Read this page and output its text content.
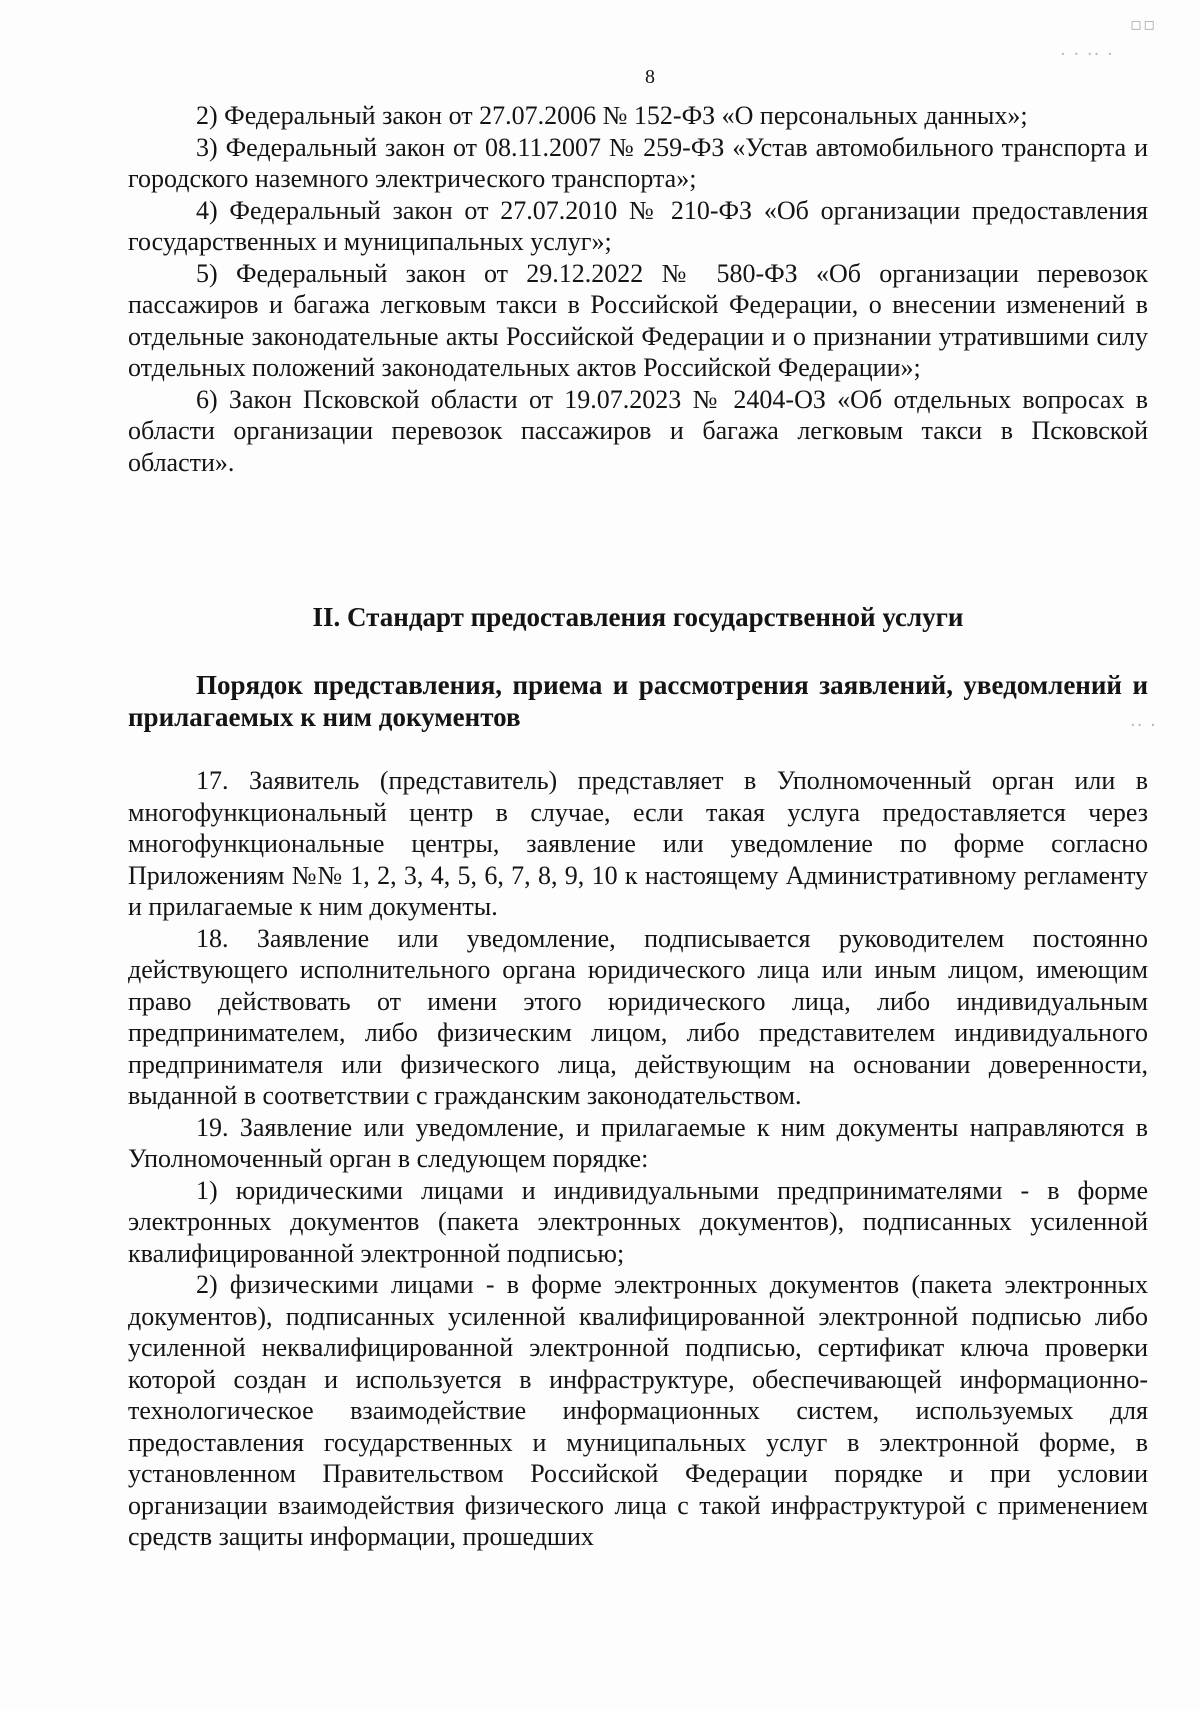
8

2) Федеральный закон от 27.07.2006 № 152-ФЗ «О персональных данных»;

3) Федеральный закон от 08.11.2007 № 259-ФЗ «Устав автомобильного транспорта и городского наземного электрического транспорта»;

4) Федеральный закон от 27.07.2010 № 210-ФЗ «Об организации предоставления государственных и муниципальных услуг»;

5) Федеральный закон от 29.12.2022 № 580-ФЗ «Об организации перевозок пассажиров и багажа легковым такси в Российской Федерации, о внесении изменений в отдельные законодательные акты Российской Федерации и о признании утратившими силу отдельных положений законодательных актов Российской Федерации»;

6) Закон Псковской области от 19.07.2023 № 2404-ОЗ «Об отдельных вопросах в области организации перевозок пассажиров и багажа легковым такси в Псковской области».

II. Стандарт предоставления государственной услуги
Порядок представления, приема и рассмотрения заявлений, уведомлений и прилагаемых к ним документов

17. Заявитель (представитель) представляет в Уполномоченный орган или в многофункциональный центр в случае, если такая услуга предоставляется через многофункциональные центры, заявление или уведомление по форме согласно Приложениям №№ 1, 2, 3, 4, 5, 6, 7, 8, 9, 10 к настоящему Административному регламенту и прилагаемые к ним документы.

18. Заявление или уведомление, подписывается руководителем постоянно действующего исполнительного органа юридического лица или иным лицом, имеющим право действовать от имени этого юридического лица, либо индивидуальным предпринимателем, либо физическим лицом, либо представителем индивидуального предпринимателя или физического лица, действующим на основании доверенности, выданной в соответствии с гражданским законодательством.

19. Заявление или уведомление, и прилагаемые к ним документы направляются в Уполномоченный орган в следующем порядке:

1) юридическими лицами и индивидуальными предпринимателями - в форме электронных документов (пакета электронных документов), подписанных усиленной квалифицированной электронной подписью;

2) физическими лицами - в форме электронных документов (пакета электронных документов), подписанных усиленной квалифицированной электронной подписью либо усиленной неквалифицированной электронной подписью, сертификат ключа проверки которой создан и используется в инфраструктуре, обеспечивающей информационно-технологическое взаимодействие информационных систем, используемых для предоставления государственных и муниципальных услуг в электронной форме, в установленном Правительством Российской Федерации порядке и при условии организации взаимодействия физического лица с такой инфраструктурой с применением средств защиты информации, прошедших

▫▫
· · ·· ·
·· ·
